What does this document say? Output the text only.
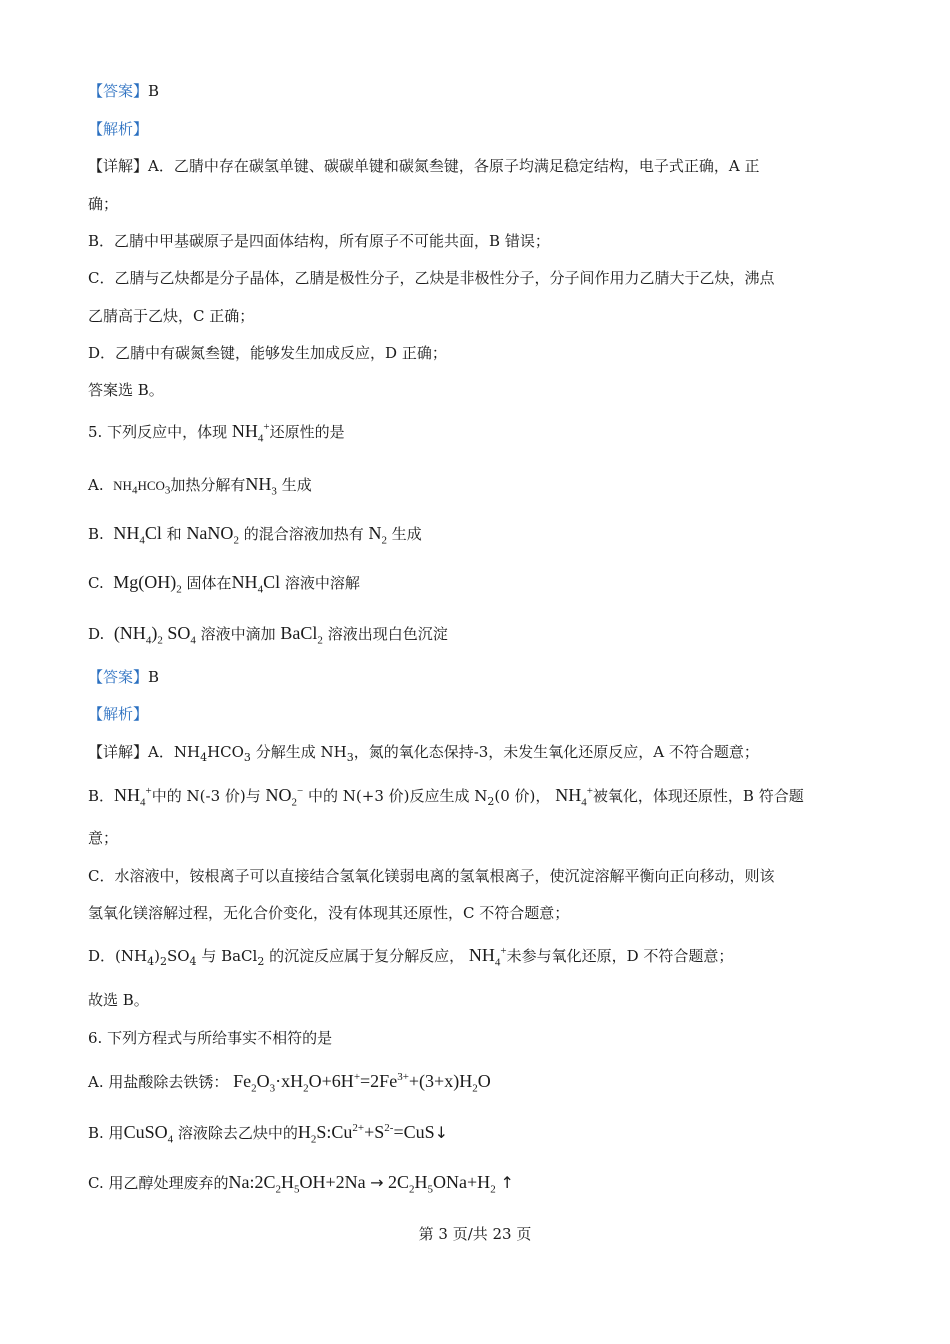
【答案】B
【解析】
【详解】A．乙腈中存在碳氢单键、碳碳单键和碳氮叁键，各原子均满足稳定结构，电子式正确，A 正
确；
B．乙腈中甲基碳原子是四面体结构，所有原子不可能共面，B 错误；
C．乙腈与乙炔都是分子晶体，乙腈是极性分子，乙炔是非极性分子，分子间作用力乙腈大于乙炔，沸点
乙腈高于乙炔，C 正确；
D．乙腈中有碳氮叁键，能够发生加成反应，D 正确；
答案选 B。
5. 下列反应中，体现 $NH_4^+$还原性的是
A. $NH_4HCO_3$加热分解有$NH_3$ 生成
B. $NH_4Cl$ 和 NaNO$_2$ 的混合溶液加热有 $N_2$ 生成
C. $Mg(OH)_2$ 固体在$NH_4Cl$ 溶液中溶解
D. $(NH_4)_2$ $SO_4$ 溶液中滴加 BaCl$_2$ 溶液出现白色沉淀
【答案】B
【解析】
【详解】A．$NH_4HCO_3$ 分解生成 $NH_3$，氮的氧化态保持-3，未发生氧化还原反应，A 不符合题意；
B．$NH_4^+$中的 N(-3 价)与 $NO_2^-$ 中的 N(+3 价)反应生成 $N_2(0$ 价)， $NH_4^+$被氧化，体现还原性，B 符合题
意；
C．水溶液中，铵根离子可以直接结合氢氧化镁弱电离的氢氧根离子，使沉淀溶解平衡向正向移动，则该
氢氧化镁溶解过程，无化合价变化，没有体现其还原性，C 不符合题意；
D．$(NH_4)_2SO_4$ 与 BaCl$_2$ 的沉淀反应属于复分解反应， $NH_4^+$未参与氧化还原，D 不符合题意；
故选 B。
6. 下列方程式与所给事实不相符的是
A. 用盐酸除去铁锈： $Fe_2O_3\cdot xH_2O+6H^+=2Fe^{3+}+(3+x)H_2O$
B. 用CuSO$_4$ 溶液除去乙炔中的$H_2S:Cu^{2+}+S^{2-}=CuS↓$
C. 用乙醇处理废弃的$Na:2C_2H_5OH+2Na \to 2C_2H_5ONa+H_2$ ↑
第 3 页/共 23 页
